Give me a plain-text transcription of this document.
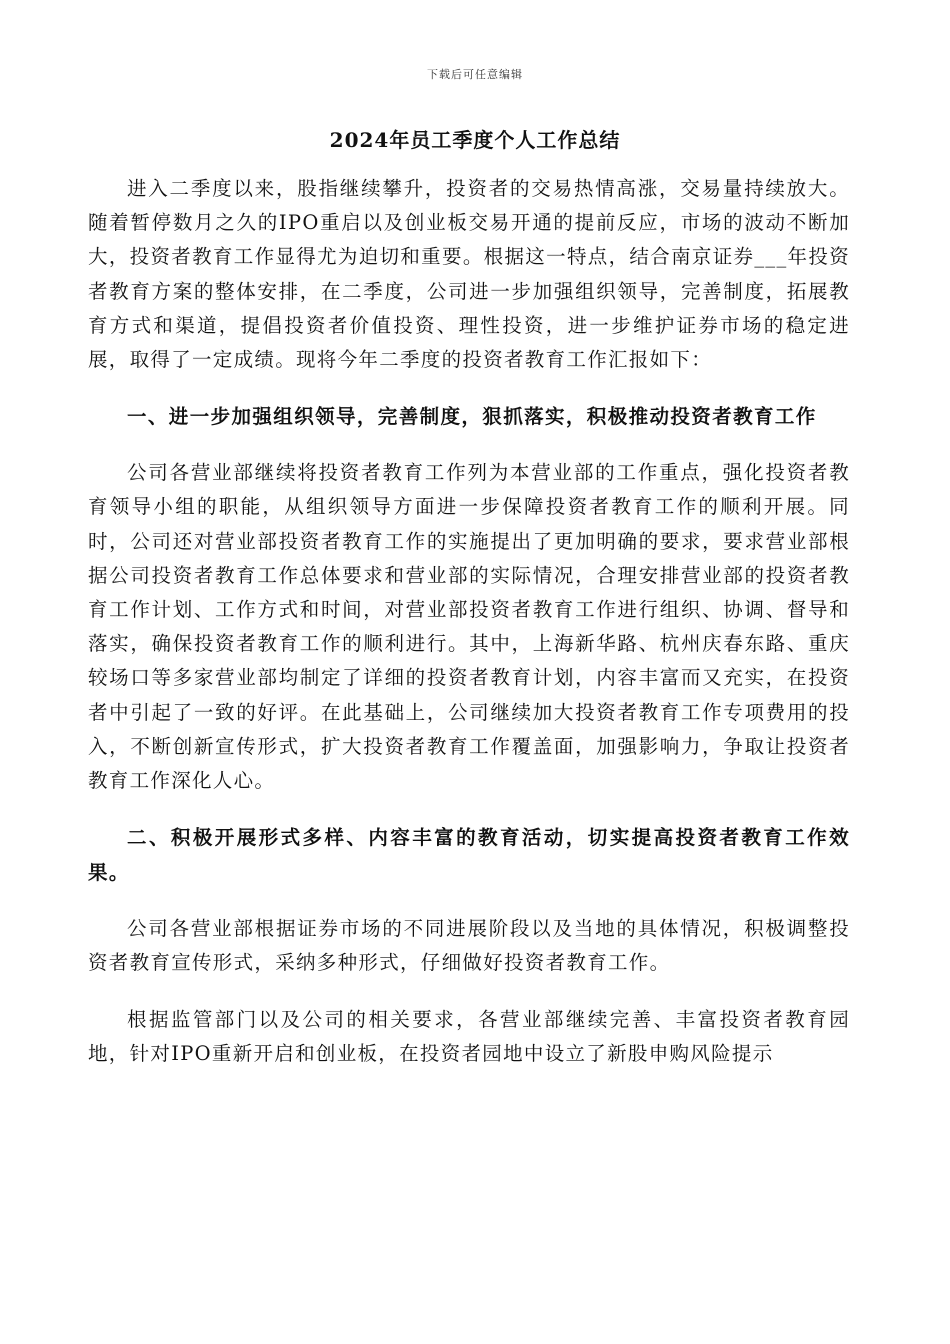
下载后可任意编辑
2024年员工季度个人工作总结

进入二季度以来，股指继续攀升，投资者的交易热情高涨，交易量持续放大。随着暂停数月之久的IPO重启以及创业板交易开通的提前反应，市场的波动不断加大，投资者教育工作显得尤为迫切和重要。根据这一特点，结合南京证券___年投资者教育方案的整体安排，在二季度，公司进一步加强组织领导，完善制度，拓展教育方式和渠道，提倡投资者价值投资、理性投资，进一步维护证券市场的稳定进展，取得了一定成绩。现将今年二季度的投资者教育工作汇报如下：

一、进一步加强组织领导，完善制度，狠抓落实，积极推动投资者教育工作

公司各营业部继续将投资者教育工作列为本营业部的工作重点，强化投资者教育领导小组的职能，从组织领导方面进一步保障投资者教育工作的顺利开展。同时，公司还对营业部投资者教育工作的实施提出了更加明确的要求，要求营业部根据公司投资者教育工作总体要求和营业部的实际情况，合理安排营业部的投资者教育工作计划、工作方式和时间，对营业部投资者教育工作进行组织、协调、督导和落实，确保投资者教育工作的顺利进行。其中，上海新华路、杭州庆春东路、重庆较场口等多家营业部均制定了详细的投资者教育计划，内容丰富而又充实，在投资者中引起了一致的好评。在此基础上，公司继续加大投资者教育工作专项费用的投入，不断创新宣传形式，扩大投资者教育工作覆盖面，加强影响力，争取让投资者教育工作深化人心。

二、积极开展形式多样、内容丰富的教育活动，切实提高投资者教育工作效果。

公司各营业部根据证券市场的不同进展阶段以及当地的具体情况，积极调整投资者教育宣传形式，采纳多种形式，仔细做好投资者教育工作。

根据监管部门以及公司的相关要求，各营业部继续完善、丰富投资者教育园地，针对IPO重新开启和创业板，在投资者园地中设立了新股申购风险提示
